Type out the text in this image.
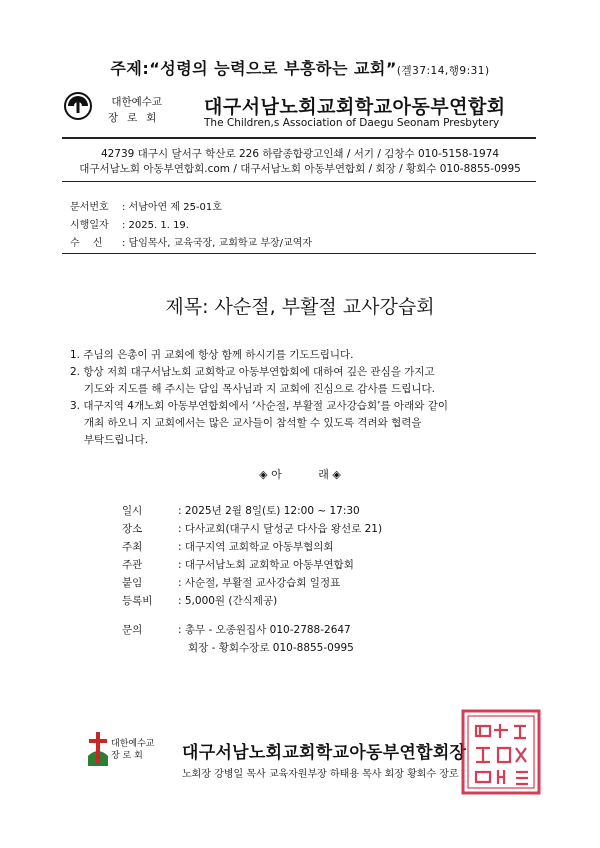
주제:“성령의 능력으로 부흥하는 교회”(겔37:14,행9:31)
대한예수교
장로회 대구서남노회교회학교아동부연합회
The Children,s Association of Daegu Seonam Presbytery
42739 대구시 달서구 학산로 226 하람종합광고인쇄 / 서기 / 김창수 010-5158-1974
대구서남노회 아동부연합회.com / 대구서남노회 아동부연합회 / 회장 / 황회수 010-8855-0995
문서번호 : 서남아연 제 25-01호
시행일자 : 2025. 1. 19.
수　 신 : 담임목사, 교육국장, 교회학교 부장/교역자
제목: 사순절, 부활절 교사강습회
1. 주님의 은총이 귀 교회에 항상 함께 하시기를 기도드립니다.
2. 항상 저희 대구서남노회 교회학교 아동부연합회에 대하여 깊은 관심을 가지고
　 기도와 지도를 해 주시는 담임 목사님과 지 교회에 진심으로 감사를 드립니다.
3. 대구지역 4개노회 아동부연합회에서 ‘사순절, 부활절 교사강습회’를 아래와 같이
　 개최 하오니 지 교회에서는 많은 교사들이 참석할 수 있도록 격려와 협력을
　 부탁드립니다.
◈ 아　　　 래 ◈
일시	: 2025년 2월 8일(토) 12:00 ~ 17:30
장소	: 다사교회(대구시 달성군 다사읍 왕선로 21)
주최	: 대구지역 교회학교 아동부협의회
주관	: 대구서남노회 교회학교 아동부연합회
붙임	: 사순절, 부활절 교사강습회 일정표
등록비 : 5,000원 (간식제공)
문의	: 총무 - 오종원집사 010-2788-2647
회장 - 황회수장로 010-8855-0995
대한예수교
장 로 회	대구서남노회교회학교아동부연합회장
노회장 강병일 목사 교육자원부장 하태용 목사 회장 황회수 장로
